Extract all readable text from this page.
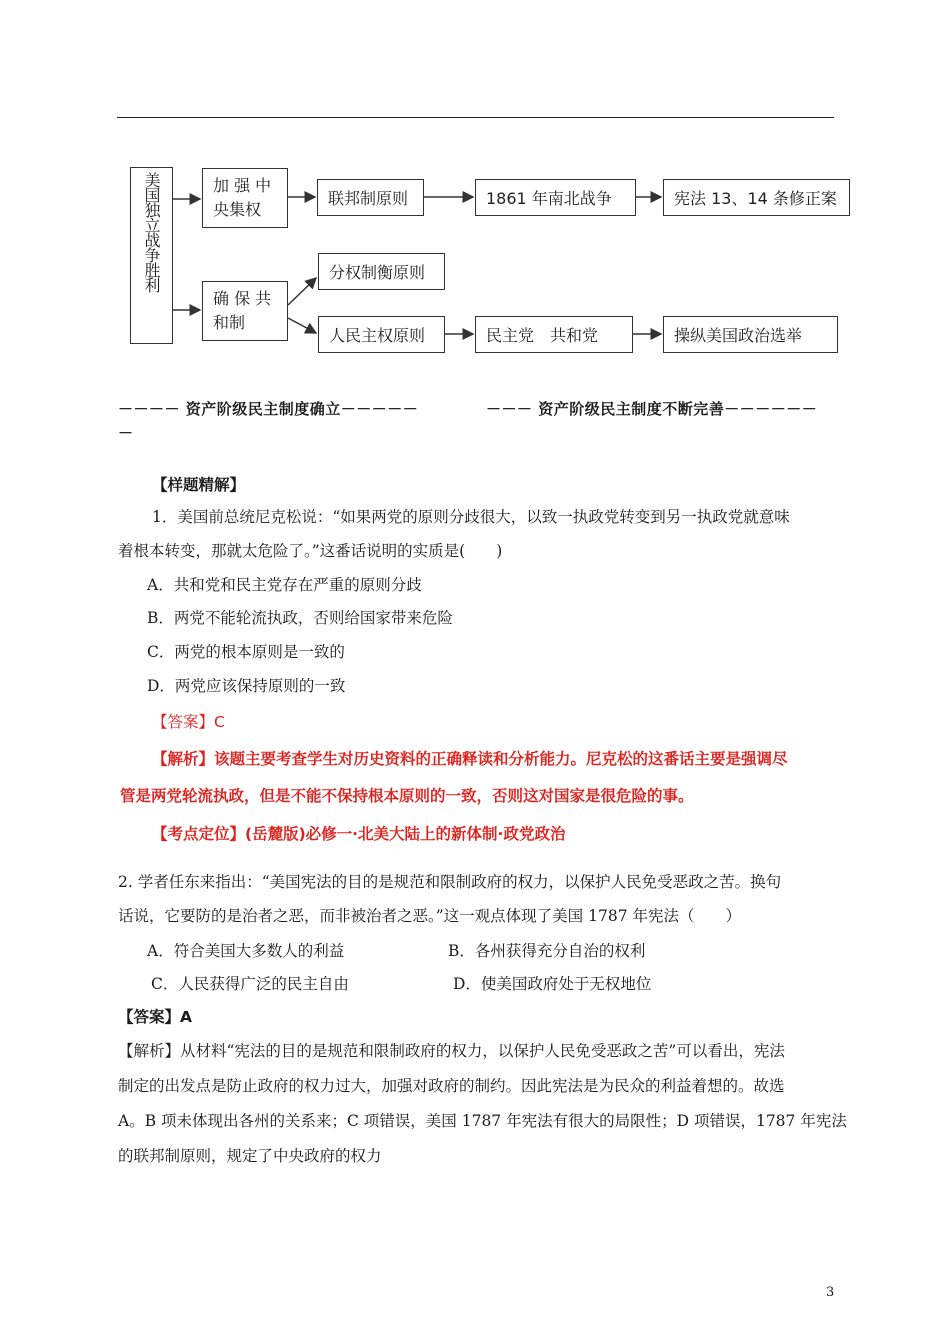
美国独立战争胜利	加 强 中
央集权
联邦制原则	1861 年南北战争	宪法 13、14 条修正案
确 保 共
和制
分权制衡原则
人民主权原则	民主党　共和党	操纵美国政治选举
－－－－ 资产阶级民主制度确立－－－－－	－－－ 资产阶级民主制度不断完善－－－－－－
－
【样题精解】
1．美国前总统尼克松说：“如果两党的原则分歧很大，以致一执政党转变到另一执政党就意味
着根本转变，那就太危险了。”这番话说明的实质是(　　)
A．共和党和民主党存在严重的原则分歧
B．两党不能轮流执政，否则给国家带来危险
C．两党的根本原则是一致的
D．两党应该保持原则的一致
【答案】C
【解析】该题主要考查学生对历史资料的正确释读和分析能力。尼克松的这番话主要是强调尽
管是两党轮流执政，但是不能不保持根本原则的一致，否则这对国家是很危险的事。
【考点定位】(岳麓版)必修一·北美大陆上的新体制·政党政治
2. 学者任东来指出：“美国宪法的目的是规范和限制政府的权力，以保护人民免受恶政之苦。换句
话说，它要防的是治者之恶，而非被治者之恶。”这一观点体现了美国 1787 年宪法（　　）
A．符合美国大多数人的利益	B．各州获得充分自治的权利
C．人民获得广泛的民主自由	D．使美国政府处于无权地位
【答案】A
【解析】从材料“宪法的目的是规范和限制政府的权力，以保护人民免受恶政之苦”可以看出，宪法
制定的出发点是防止政府的权力过大，加强对政府的制约。因此宪法是为民众的利益着想的。故选
A。B 项未体现出各州的关系来；C 项错误，美国 1787 年宪法有很大的局限性；D 项错误，1787 年宪法
的联邦制原则，规定了中央政府的权力
3
